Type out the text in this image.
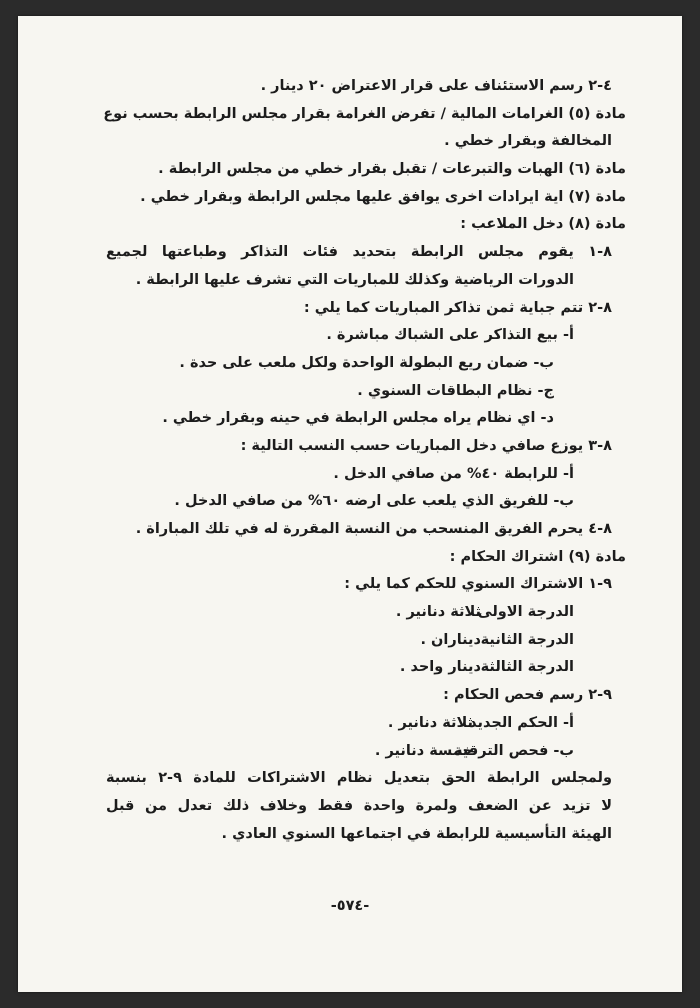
٤-٢ رسم الاستئناف على قرار الاعتراض ٢٠ دينار .
مادة (٥) الغرامات المالية / تفرض الغرامة بقرار مجلس الرابطة بحسب نوع
المخالفة وبقرار خطي .
مادة (٦) الهبات والتبرعات / تقبل بقرار خطي من مجلس الرابطة .
مادة (٧) اية ايرادات اخرى يوافق عليها مجلس الرابطة وبقرار خطي .
مادة (٨) دخل الملاعب :
٨-١ يقوم مجلس الرابطة بتحديد فئات التذاكر وطباعتها لجميع
الدورات الرياضية وكذلك للمباريات التي تشرف عليها الرابطة .
٨-٢ تتم جباية ثمن تذاكر المباريات كما يلي :
أ- بيع التذاكر على الشباك مباشرة .
ب- ضمان ريع البطولة الواحدة ولكل ملعب على حدة .
ج- نظام البطاقات السنوي .
د- اي نظام يراه مجلس الرابطة في حينه وبقرار خطي .
٨-٣ يوزع صافي دخل المباريات حسب النسب التالية :
أ- للرابطة ٤٠% من صافي الدخل .
ب- للفريق الذي يلعب على ارضه ٦٠% من صافي الدخل .
٨-٤ يحرم الفريق المنسحب من النسبة المقررة له في تلك المباراة .
مادة (٩) اشتراك الحكام :
٩-١ الاشتراك السنوي للحكم كما يلي :
الدرجة الاولى ثلاثة دنانير .
الدرجة الثانية ديناران .
الدرجة الثالثة دينار واحد .
٩-٢ رسم فحص الحكام :
أ- الحكم الجديد ثلاثة دنانير .
ب- فحص الترقية خمسة دنانير .
ولمجلس الرابطة الحق بتعديل نظام الاشتراكات للمادة ٩-٢ بنسبة
لا تزيد عن الضعف ولمرة واحدة فقط وخلاف ذلك تعدل من قبل
الهيئة التأسيسية للرابطة في اجتماعها السنوي العادي .
-٥٧٤-
